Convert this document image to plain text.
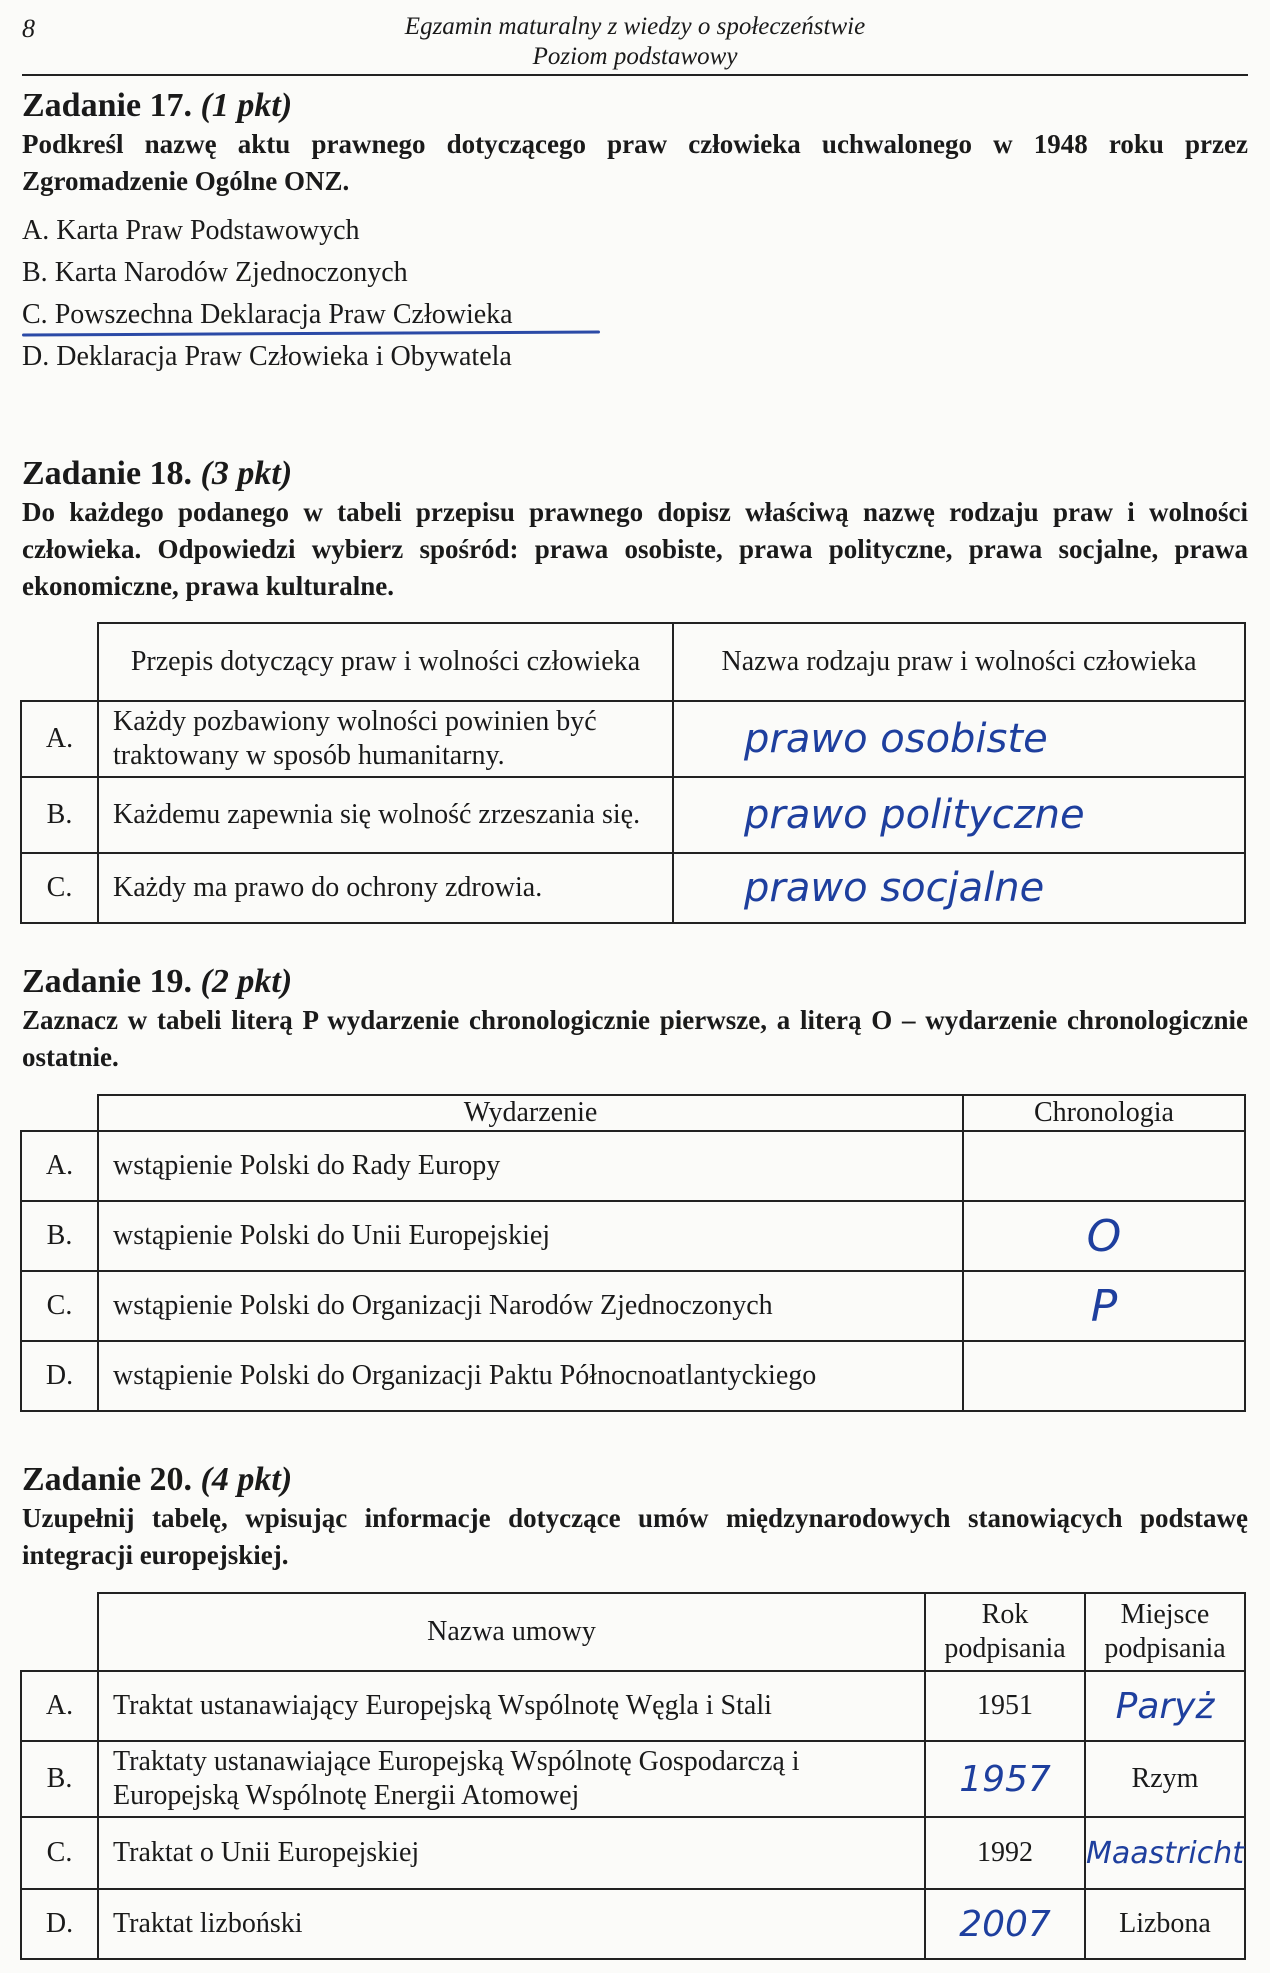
8	Egzamin maturalny z wiedzy o społeczeństwie
Poziom podstawowy
Zadanie 17. (1 pkt)
Podkreśl nazwę aktu prawnego dotyczącego praw człowieka uchwalonego w 1948 roku przez Zgromadzenie Ogólne ONZ.
A. Karta Praw Podstawowych
B. Karta Narodów Zjednoczonych
C. Powszechna Deklaracja Praw Człowieka
D. Deklaracja Praw Człowieka i Obywatela
Zadanie 18. (3 pkt)
Do każdego podanego w tabeli przepisu prawnego dopisz właściwą nazwę rodzaju praw i wolności człowieka. Odpowiedzi wybierz spośród: prawa osobiste, prawa polityczne, prawa socjalne, prawa ekonomiczne, prawa kulturalne.
	Przepis dotyczący praw i wolności człowieka	Nazwa rodzaju praw i wolności człowieka
A.	Każdy pozbawiony wolności powinien być traktowany w sposób humanitarny.	prawo osobiste
B.	Każdemu zapewnia się wolność zrzeszania się.	prawo polityczne
C.	Każdy ma prawo do ochrony zdrowia.	prawo socjalne
Zadanie 19. (2 pkt)
Zaznacz w tabeli literą P wydarzenie chronologicznie pierwsze, a literą O – wydarzenie chronologicznie ostatnie.
	Wydarzenie	Chronologia
A.	wstąpienie Polski do Rady Europy	
B.	wstąpienie Polski do Unii Europejskiej	O
C.	wstąpienie Polski do Organizacji Narodów Zjednoczonych	P
D.	wstąpienie Polski do Organizacji Paktu Północnoatlantyckiego	
Zadanie 20. (4 pkt)
Uzupełnij tabelę, wpisując informacje dotyczące umów międzynarodowych stanowiących podstawę integracji europejskiej.
	Nazwa umowy	Rok podpisania	Miejsce podpisania
A.	Traktat ustanawiający Europejską Wspólnotę Węgla i Stali	1951	Paryż
B.	Traktaty ustanawiające Europejską Wspólnotę Gospodarczą i Europejską Wspólnotę Energii Atomowej	1957	Rzym
C.	Traktat o Unii Europejskiej	1992	Maastricht
D.	Traktat lizboński	2007	Lizbona
